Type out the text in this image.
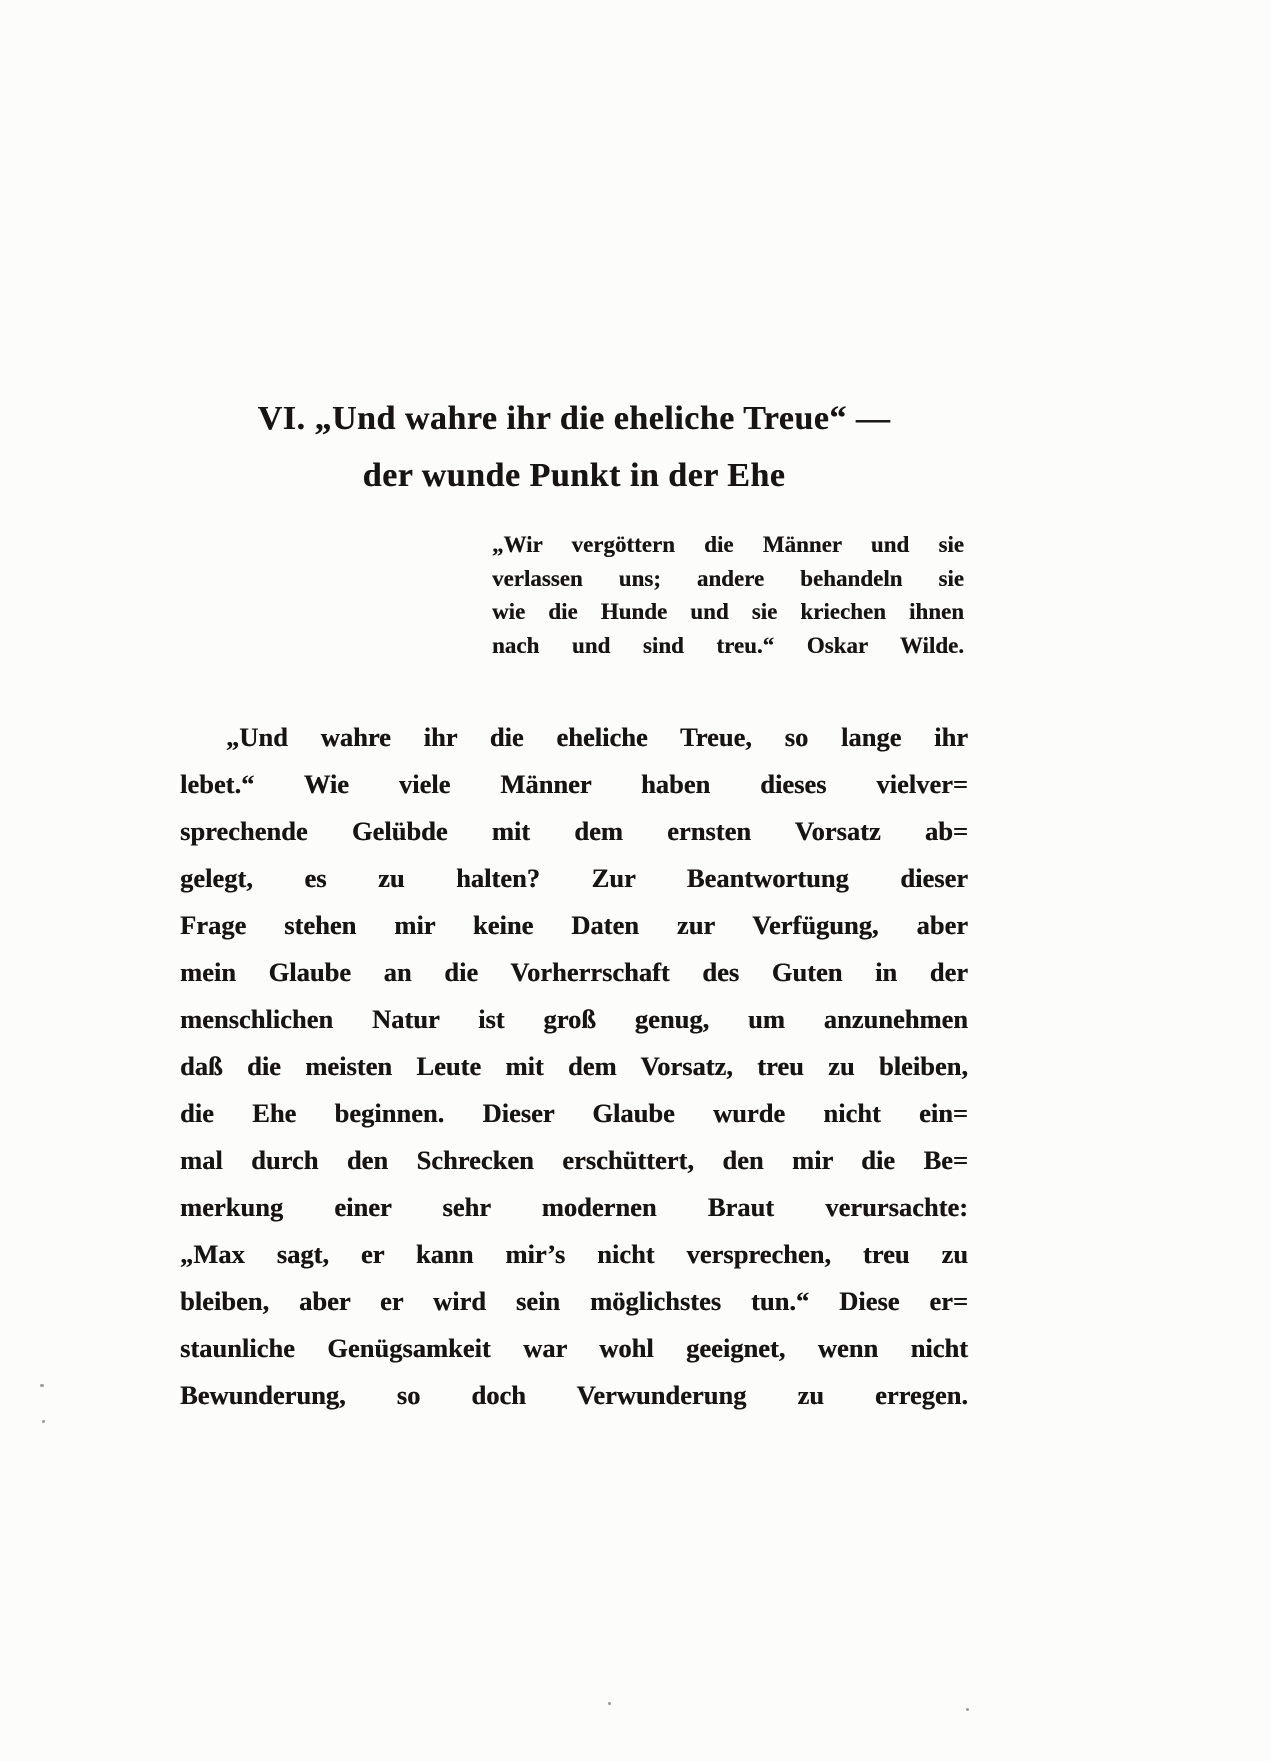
VI. „Und wahre ihr die eheliche Treue“ —
der wunde Punkt in der Ehe
„Wir vergöttern die Männer und sie
verlassen uns; andere behandeln sie
wie die Hunde und sie kriechen ihnen
nach und sind treu.“ Oskar Wilde.
„Und wahre ihr die eheliche Treue, so lange ihr
lebet.“ Wie viele Männer haben dieses vielver=
sprechende Gelübde mit dem ernsten Vorsatz ab=
gelegt, es zu halten? Zur Beantwortung dieser
Frage stehen mir keine Daten zur Verfügung, aber
mein Glaube an die Vorherrschaft des Guten in der
menschlichen Natur ist groß genug, um anzunehmen
daß die meisten Leute mit dem Vorsatz, treu zu bleiben,
die Ehe beginnen. Dieser Glaube wurde nicht ein=
mal durch den Schrecken erschüttert, den mir die Be=
merkung einer sehr modernen Braut verursachte:
„Max sagt, er kann mir’s nicht versprechen, treu zu
bleiben, aber er wird sein möglichstes tun.“ Diese er=
staunliche Genügsamkeit war wohl geeignet, wenn nicht
Bewunderung, so doch Verwunderung zu erregen.
